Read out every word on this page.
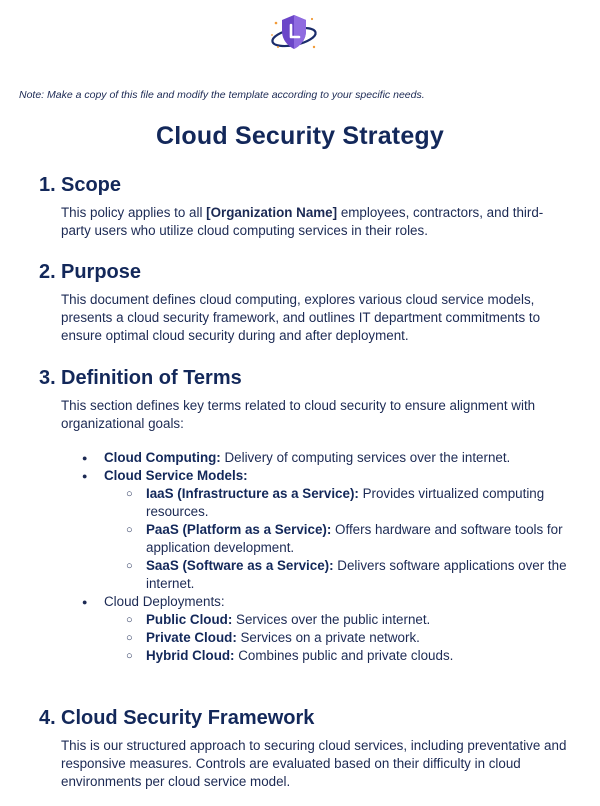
Note: Make a copy of this file and modify the template according to your specific needs.
Cloud Security Strategy
1. Scope

This policy applies to all [Organization Name] employees, contractors, and third-party users who utilize cloud computing services in their roles.

2. Purpose

This document defines cloud computing, explores various cloud service models, presents a cloud security framework, and outlines IT department commitments to ensure optimal cloud security during and after deployment.

3. Definition of Terms

This section defines key terms related to cloud security to ensure alignment with organizational goals:

● Cloud Computing: Delivery of computing services over the internet.
● Cloud Service Models:
○ IaaS (Infrastructure as a Service): Provides virtualized computing resources.
○ PaaS (Platform as a Service): Offers hardware and software tools for application development.
○ SaaS (Software as a Service): Delivers software applications over the internet.
● Cloud Deployments:
○ Public Cloud: Services over the public internet.
○ Private Cloud: Services on a private network.
○ Hybrid Cloud: Combines public and private clouds.
4. Cloud Security Framework

This is our structured approach to securing cloud services, including preventative and responsive measures. Controls are evaluated based on their difficulty in cloud environments per cloud service model.
